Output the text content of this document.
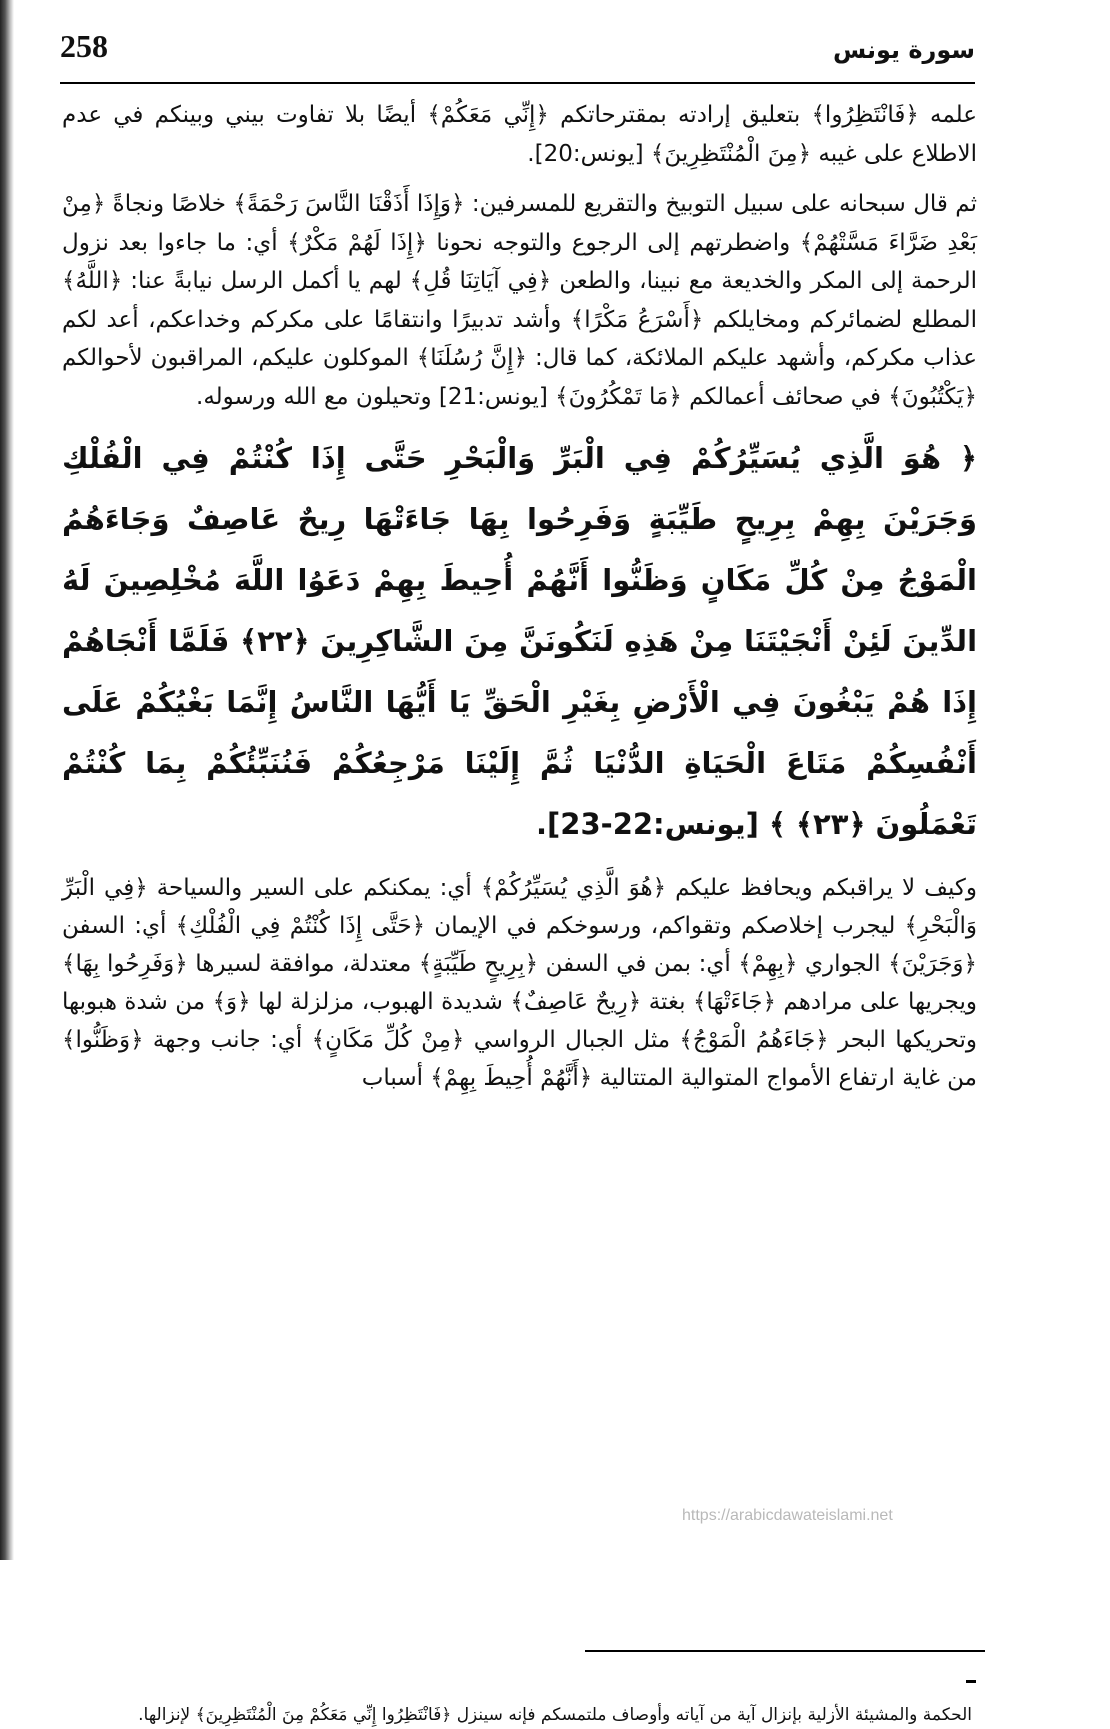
258	سورة يونس

علمه ﴿فَانْتَظِرُوا﴾ بتعليق إرادته بمقترحاتكم ﴿إِنِّي مَعَكُمْ﴾ أيضًا بلا تفاوت بيني وبينكم في عدم الاطلاع على غيبه ﴿مِنَ الْمُنْتَظِرِينَ﴾ [يونس:20].

ثم قال سبحانه على سبيل التوبيخ والتقريع للمسرفين: ﴿وَإِذَا أَذَقْنَا النَّاسَ رَحْمَةً﴾ خلاصًا ونجاةً ﴿مِنْ بَعْدِ ضَرَّاءَ مَسَّتْهُمْ﴾ واضطرتهم إلى الرجوع والتوجه نحونا ﴿إِذَا لَهُمْ مَكْرٌ﴾ أي: ما جاءوا بعد نزول الرحمة إلى المكر والخديعة مع نبينا، والطعن ﴿فِي آيَاتِنَا قُلِ﴾ لهم يا أكمل الرسل نيابةً عنا: ﴿اللَّهُ﴾ المطلع لضمائركم ومخايلكم ﴿أَسْرَعُ مَكْرًا﴾ وأشد تدبيرًا وانتقامًا على مكركم وخداعكم، أعد لكم عذاب مكركم، وأشهد عليكم الملائكة، كما قال: ﴿إِنَّ رُسُلَنَا﴾ الموكلون عليكم، المراقبون لأحوالكم ﴿يَكْتُبُونَ﴾ في صحائف أعمالكم ﴿مَا تَمْكُرُونَ﴾ [يونس:21] وتحيلون مع الله ورسوله.

﴿ هُوَ الَّذِي يُسَيِّرُكُمْ فِي الْبَرِّ وَالْبَحْرِ حَتَّى إِذَا كُنْتُمْ فِي الْفُلْكِ وَجَرَيْنَ بِهِمْ بِرِيحٍ طَيِّبَةٍ وَفَرِحُوا بِهَا جَاءَتْهَا رِيحٌ عَاصِفٌ وَجَاءَهُمُ الْمَوْجُ مِنْ كُلِّ مَكَانٍ وَظَنُّوا أَنَّهُمْ أُحِيطَ بِهِمْ دَعَوُا اللَّهَ مُخْلِصِينَ لَهُ الدِّينَ لَئِنْ أَنْجَيْتَنَا مِنْ هَذِهِ لَنَكُونَنَّ مِنَ الشَّاكِرِينَ ﴿٢٢﴾ فَلَمَّا أَنْجَاهُمْ إِذَا هُمْ يَبْغُونَ فِي الْأَرْضِ بِغَيْرِ الْحَقِّ يَا أَيُّهَا النَّاسُ إِنَّمَا بَغْيُكُمْ عَلَى أَنْفُسِكُمْ مَتَاعَ الْحَيَاةِ الدُّنْيَا ثُمَّ إِلَيْنَا مَرْجِعُكُمْ فَنُنَبِّئُكُمْ بِمَا كُنْتُمْ تَعْمَلُونَ ﴿٢٣﴾ ﴾ [يونس:22-23].

وكيف لا يراقبكم ويحافظ عليكم ﴿هُوَ الَّذِي يُسَيِّرُكُمْ﴾ أي: يمكنكم على السير والسياحة ﴿فِي الْبَرِّ وَالْبَحْرِ﴾ ليجرب إخلاصكم وتقواكم، ورسوخكم في الإيمان ﴿حَتَّى إِذَا كُنْتُمْ فِي الْفُلْكِ﴾ أي: السفن ﴿وَجَرَيْنَ﴾ الجواري ﴿بِهِمْ﴾ أي: بمن في السفن ﴿بِرِيحٍ طَيِّبَةٍ﴾ معتدلة، موافقة لسيرها ﴿وَفَرِحُوا بِهَا﴾ ويجريها على مرادهم ﴿جَاءَتْهَا﴾ بغتة ﴿رِيحٌ عَاصِفٌ﴾ شديدة الهبوب، مزلزلة لها ﴿وَ﴾ من شدة هبوبها وتحريكها البحر ﴿جَاءَهُمُ الْمَوْجُ﴾ مثل الجبال الرواسي ﴿مِنْ كُلِّ مَكَانٍ﴾ أي: جانب وجهة ﴿وَظَنُّوا﴾ من غاية ارتفاع الأمواج المتوالية المتتالية ﴿أَنَّهُمْ أُحِيطَ بِهِمْ﴾ أسباب

الحكمة والمشيئة الأزلية بإنزال آية من آياته وأوصاف ملتمسكم فإنه سينزل ﴿فَانْتَظِرُوا إِنِّي مَعَكُمْ مِنَ الْمُنْتَظِرِينَ﴾ لإنزالها.
https://arabicdawateislami.net
